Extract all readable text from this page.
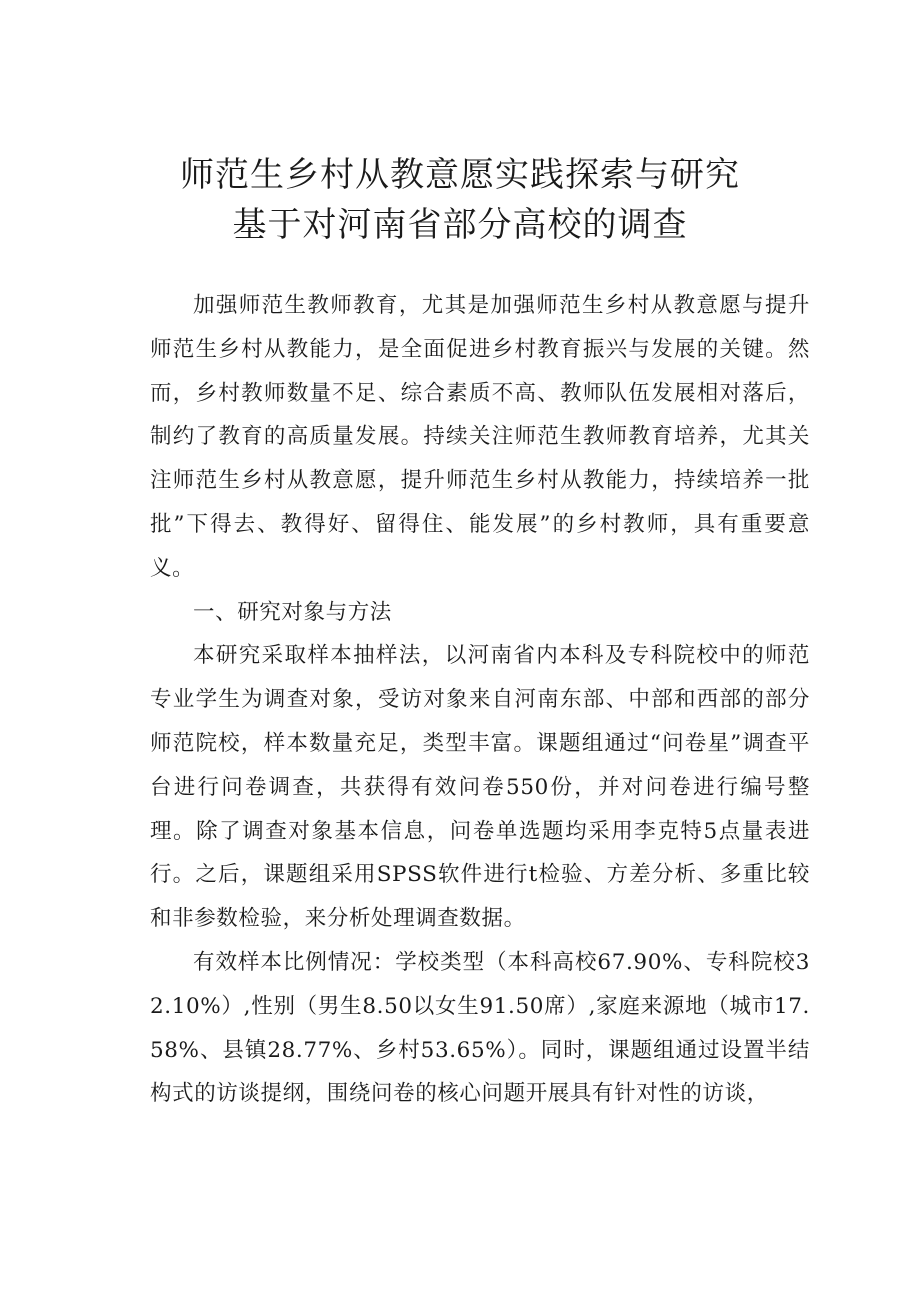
师范生乡村从教意愿实践探索与研究
基于对河南省部分高校的调查

加强师范生教师教育，尤其是加强师范生乡村从教意愿与提升师范生乡村从教能力，是全面促进乡村教育振兴与发展的关键。然而，乡村教师数量不足、综合素质不高、教师队伍发展相对落后，制约了教育的高质量发展。持续关注师范生教师教育培养，尤其关注师范生乡村从教意愿，提升师范生乡村从教能力，持续培养一批批”下得去、教得好、留得住、能发展”的乡村教师，具有重要意义。

一、研究对象与方法

本研究采取样本抽样法，以河南省内本科及专科院校中的师范专业学生为调查对象，受访对象来自河南东部、中部和西部的部分师范院校，样本数量充足，类型丰富。课题组通过“问卷星”调查平台进行问卷调查，共获得有效问卷550份，并对问卷进行编号整理。除了调查对象基本信息，问卷单选题均采用李克特5点量表进行。之后，课题组采用SPSS软件进行t检验、方差分析、多重比较和非参数检验，来分析处理调查数据。

有效样本比例情况：学校类型（本科高校67.90%、专科院校32.10%）,性别（男生8.50以女生91.50席）,家庭来源地（城市17.58%、县镇28.77%、乡村53.65%）。同时，课题组通过设置半结构式的访谈提纲，围绕问卷的核心问题开展具有针对性的访谈，
